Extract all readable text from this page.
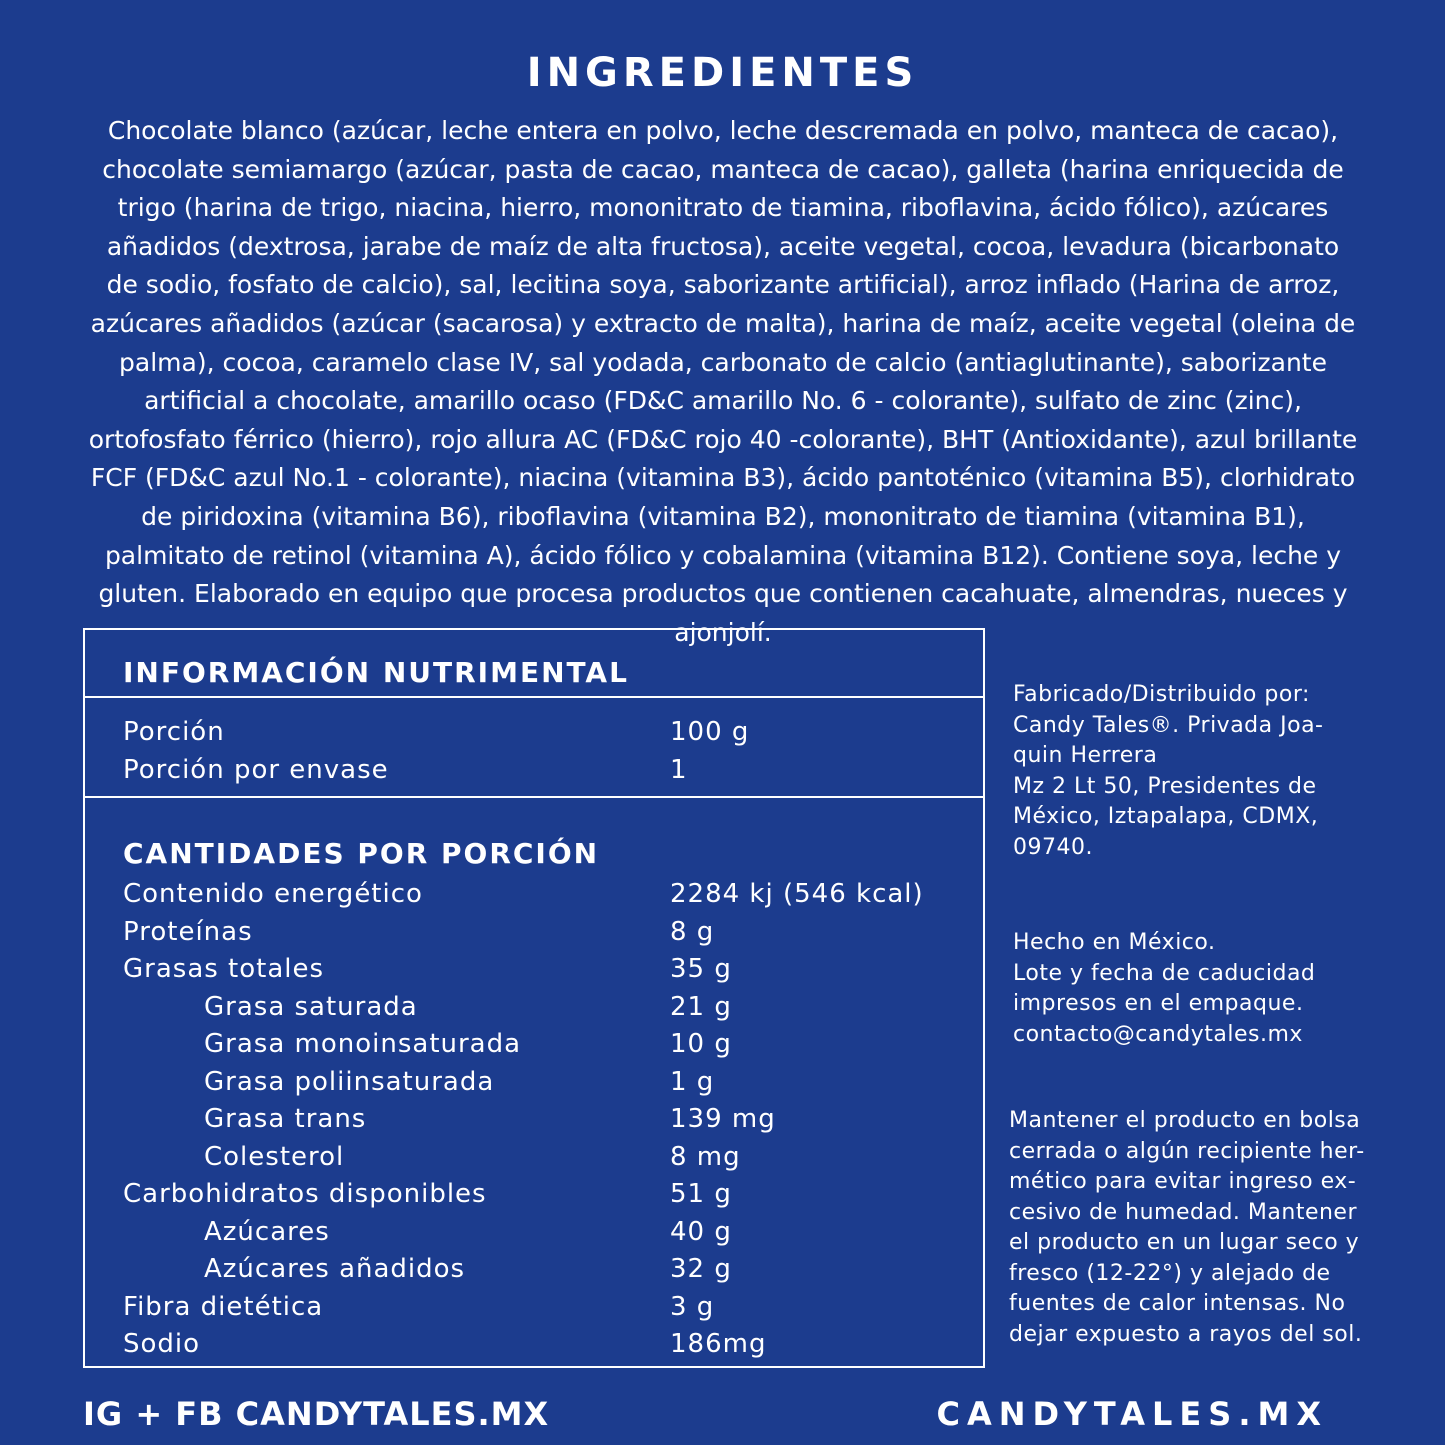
INGREDIENTES
Chocolate blanco (azúcar, leche entera en polvo, leche descremada en polvo, manteca de cacao), chocolate semiamargo (azúcar, pasta de cacao, manteca de cacao), galleta (harina enriquecida de trigo (harina de trigo, niacina, hierro, mononitrato de tiamina, riboflavina, ácido fólico), azúcares añadidos (dextrosa, jarabe de maíz de alta fructosa), aceite vegetal, cocoa, levadura (bicarbonato de sodio, fosfato de calcio), sal, lecitina soya, saborizante artificial), arroz inflado (Harina de arroz, azúcares añadidos (azúcar (sacarosa) y extracto de malta), harina de maíz, aceite vegetal (oleina de palma), cocoa, caramelo clase IV, sal yodada, carbonato de calcio (antiaglutinante), saborizante artificial a chocolate, amarillo ocaso (FD&C amarillo No. 6 - colorante), sulfato de zinc (zinc), ortofosfato férrico (hierro), rojo allura AC (FD&C rojo 40 -colorante), BHT (Antioxidante), azul brillante FCF (FD&C azul No.1 - colorante), niacina (vitamina B3), ácido pantoténico (vitamina B5), clorhidrato de piridoxina (vitamina B6), riboflavina (vitamina B2), mononitrato de tiamina (vitamina B1), palmitato de retinol (vitamina A), ácido fólico y cobalamina (vitamina B12). Contiene soya, leche y gluten. Elaborado en equipo que procesa productos que contienen cacahuate, almendras, nueces y ajonjolí.
INFORMACIÓN NUTRIMENTAL
Porción	100 g
Porción por envase	1
CANTIDADES POR PORCIÓN
Contenido energético	2284 kj (546 kcal)
Proteínas	8 g
Grasas totales	35 g
Grasa saturada	21 g
Grasa monoinsaturada	10 g
Grasa poliinsaturada	1 g
Grasa trans	139 mg
Colesterol	8 mg
Carbohidratos disponibles	51 g
Azúcares	40 g
Azúcares añadidos	32 g
Fibra dietética	3 g
Sodio	186mg
Fabricado/Distribuido por:
Candy Tales®. Privada Joa-
quin Herrera
Mz 2 Lt 50, Presidentes de
México, Iztapalapa, CDMX,
09740.
Hecho en México.
Lote y fecha de caducidad
impresos en el empaque.
contacto@candytales.mx
Mantener el producto en bolsa
cerrada o algún recipiente her-
mético para evitar ingreso ex-
cesivo de humedad. Mantener
el producto en un lugar seco y
fresco (12-22°) y alejado de
fuentes de calor intensas. No
dejar expuesto a rayos del sol.
IG + FB CANDYTALES.MX	CANDYTALES.MX
